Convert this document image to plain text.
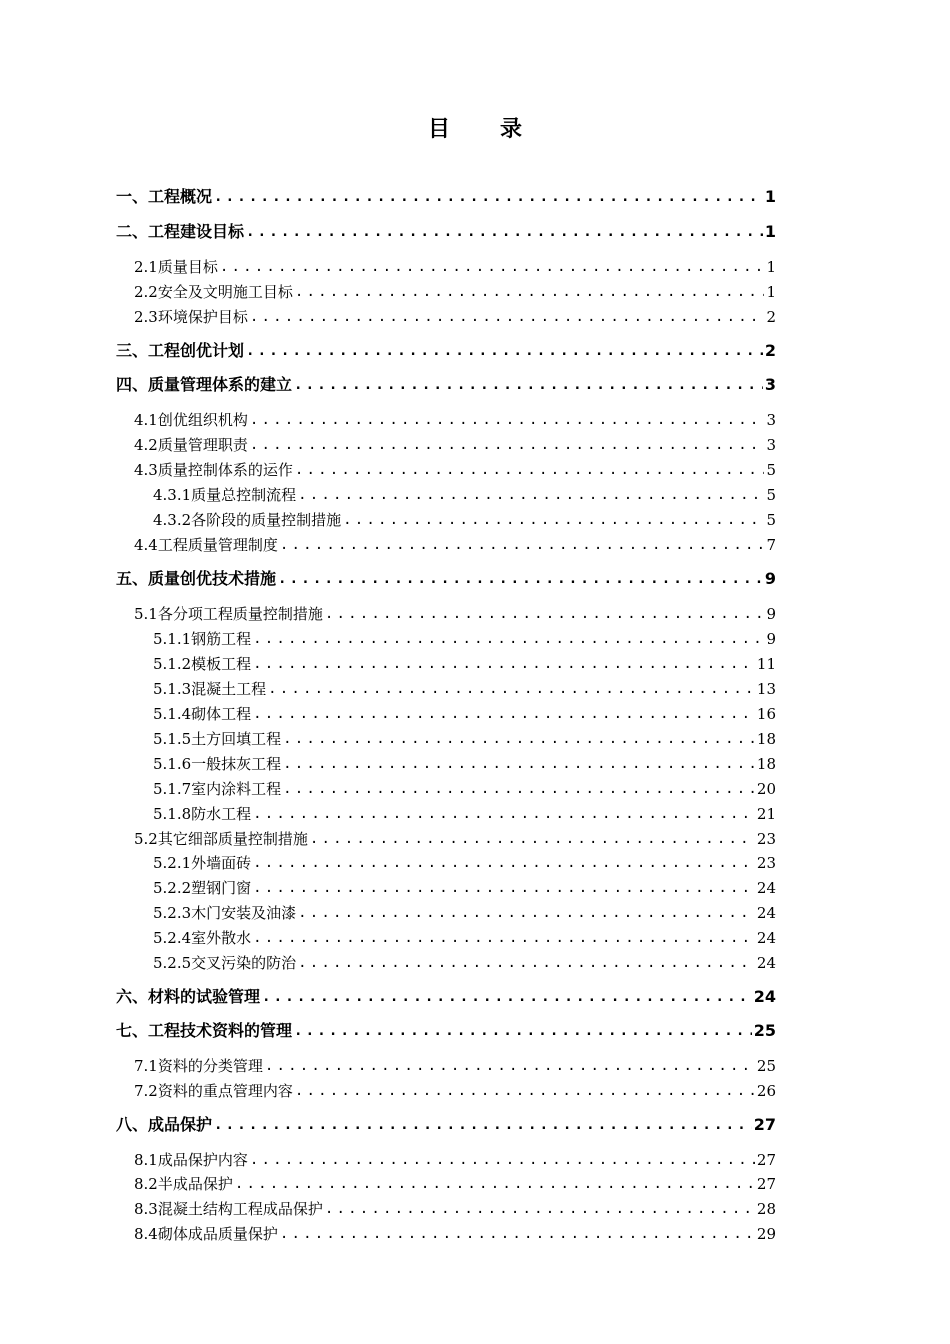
目　录
一、工程概况 .....	1
二、工程建设目标 .....	1
2.1质量目标 .....	1
2.2安全及文明施工目标 .....	1
2.3环境保护目标 .....	2
三、工程创优计划 .....	2
四、质量管理体系的建立 .....	3
4.1创优组织机构 .....	3
4.2质量管理职责 .....	3
4.3质量控制体系的运作 .....	5
4.3.1质量总控制流程 .....	5
4.3.2各阶段的质量控制措施 .....	5
4.4工程质量管理制度 .....	7
五、质量创优技术措施 .....	9
5.1各分项工程质量控制措施 .....	9
5.1.1钢筋工程 .....	9
5.1.2模板工程 .....	11
5.1.3混凝土工程 .....	13
5.1.4砌体工程 .....	16
5.1.5土方回填工程 .....	18
5.1.6一般抹灰工程 .....	18
5.1.7室内涂料工程 .....	20
5.1.8防水工程 .....	21
5.2其它细部质量控制措施 .....	23
5.2.1外墙面砖 .....	23
5.2.2塑钢门窗 .....	24
5.2.3木门安装及油漆 .....	24
5.2.4室外散水 .....	24
5.2.5交叉污染的防治 .....	24
六、材料的试验管理 .....	24
七、工程技术资料的管理 .....	25
7.1资料的分类管理 .....	25
7.2资料的重点管理内容 .....	26
八、成品保护 .....	27
8.1成品保护内容 .....	27
8.2半成品保护 .....	27
8.3混凝土结构工程成品保护 .....	28
8.4砌体成品质量保护 .....	29
